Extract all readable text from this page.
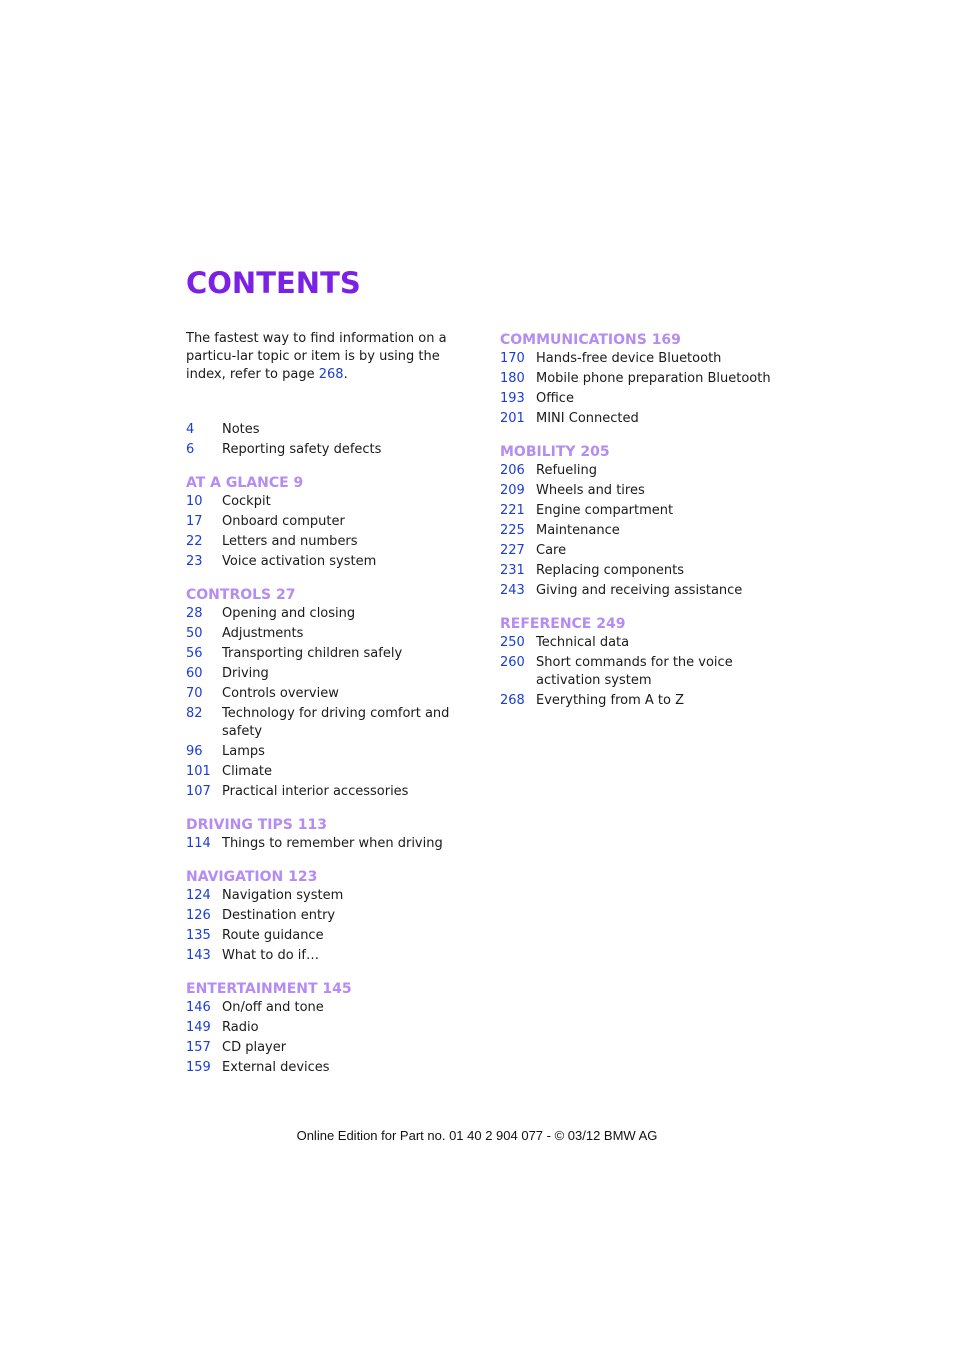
CONTENTS

The fastest way to find information on a particu-lar topic or item is by using the index, refer to page 268.

4	Notes
6	Reporting safety defects
AT A GLANCE 9
10	Cockpit
17	Onboard computer
22	Letters and numbers
23	Voice activation system
CONTROLS 27
28	Opening and closing
50	Adjustments
56	Transporting children safely
60	Driving
70	Controls overview
82	Technology for driving comfort and safety
96	Lamps
101 Climate
107 Practical interior accessories
DRIVING TIPS 113
114 Things to remember when driving
NAVIGATION 123
124 Navigation system
126 Destination entry
135 Route guidance
143 What to do if…
ENTERTAINMENT 145
146 On/off and tone
149 Radio
157 CD player
159 External devices
COMMUNICATIONS 169
170 Hands-free device Bluetooth
180 Mobile phone preparation Bluetooth
193 Office
201 MINI Connected
MOBILITY 205
206 Refueling
209 Wheels and tires
221 Engine compartment
225 Maintenance
227 Care
231 Replacing components
243 Giving and receiving assistance
REFERENCE 249
250 Technical data
260 Short commands for the voice activation system
268 Everything from A to Z
Online Edition for Part no. 01 40 2 904 077 - © 03/12 BMW AG
